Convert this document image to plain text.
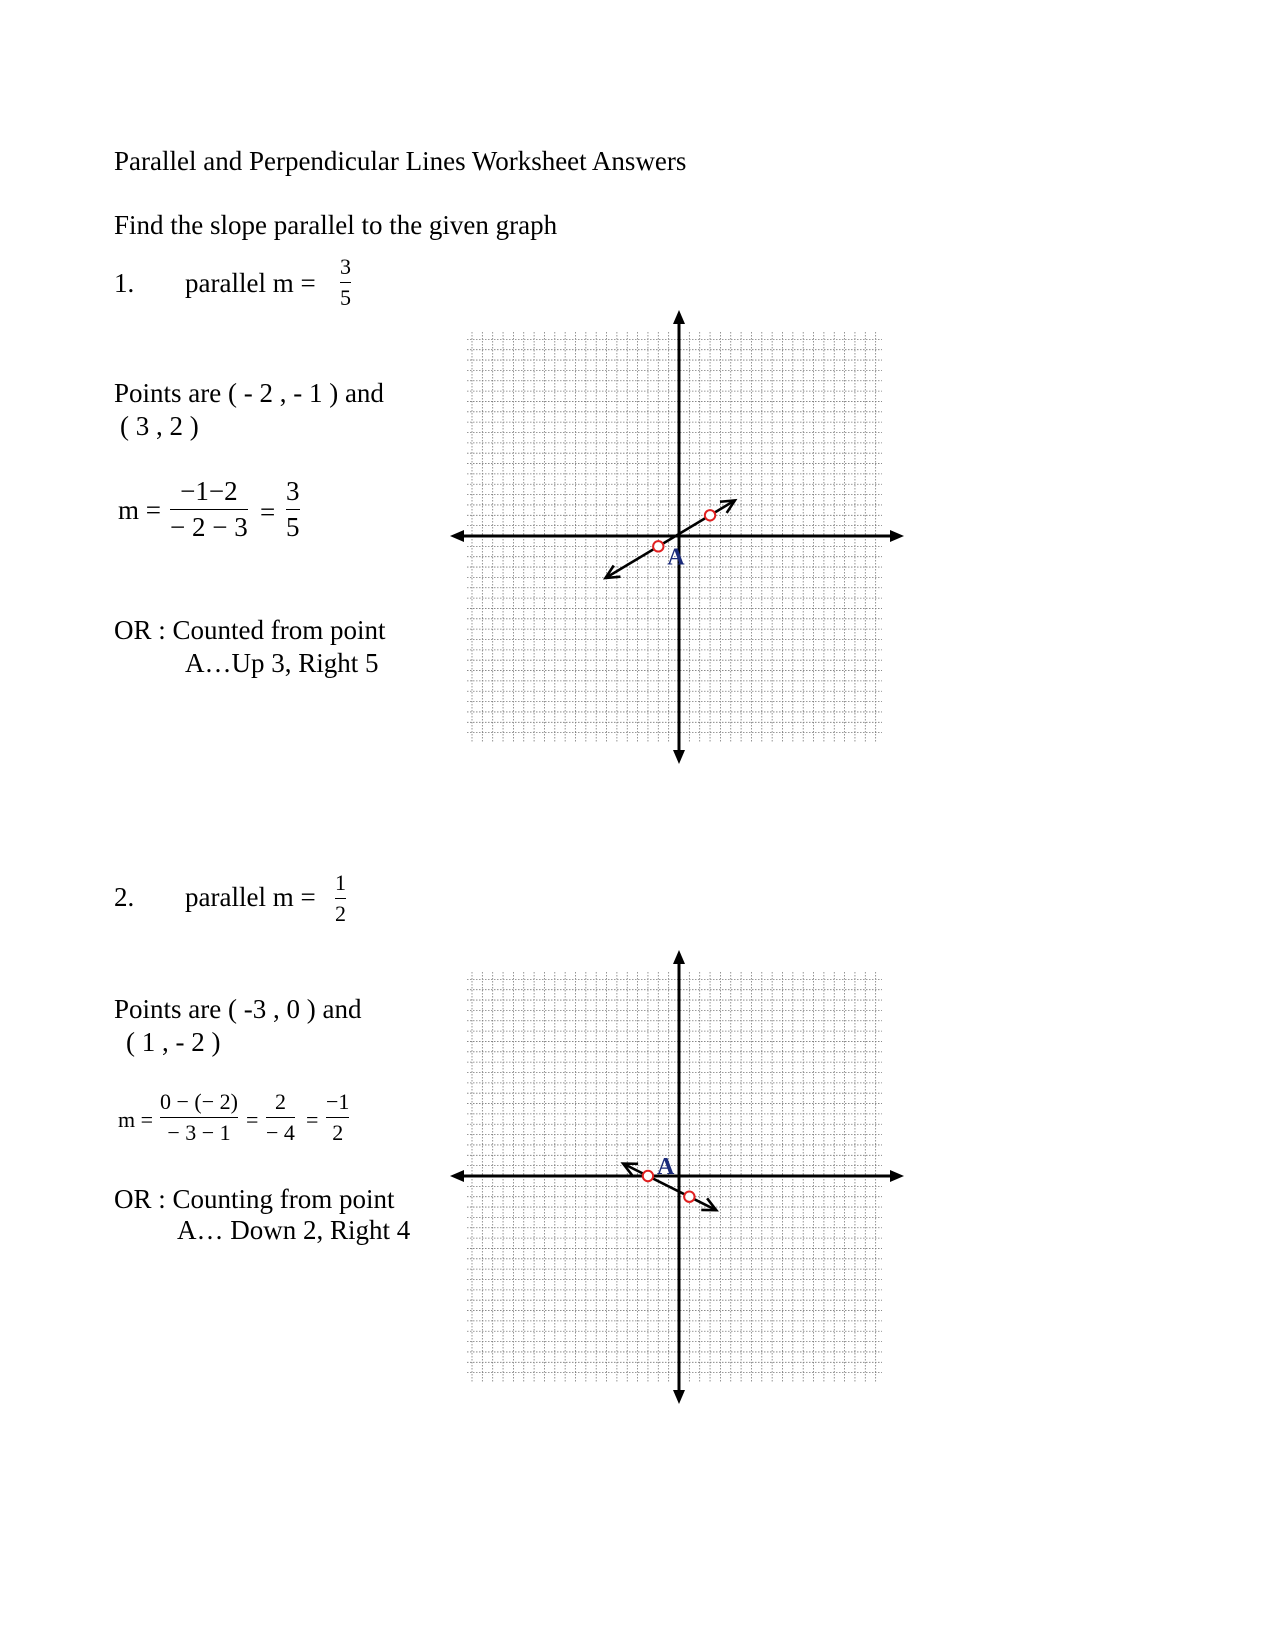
Parallel and Perpendicular Lines Worksheet Answers
Find the slope parallel to the given graph
1. parallel m =
3
5
Points are ( - 2 , - 1 ) and
( 3 , 2 )
m =
−1−2
− 2 − 3 =
3
5
OR : Counted from point
A…Up 3, Right 5
A
2. parallel m = 1
2
Points are ( -3 , 0 ) and
( 1 , - 2 )
m =
0 − (− 2)
− 3 − 1
=
2
− 4
=
−1
2
OR : Counting from point
A… Down 2, Right 4
A
